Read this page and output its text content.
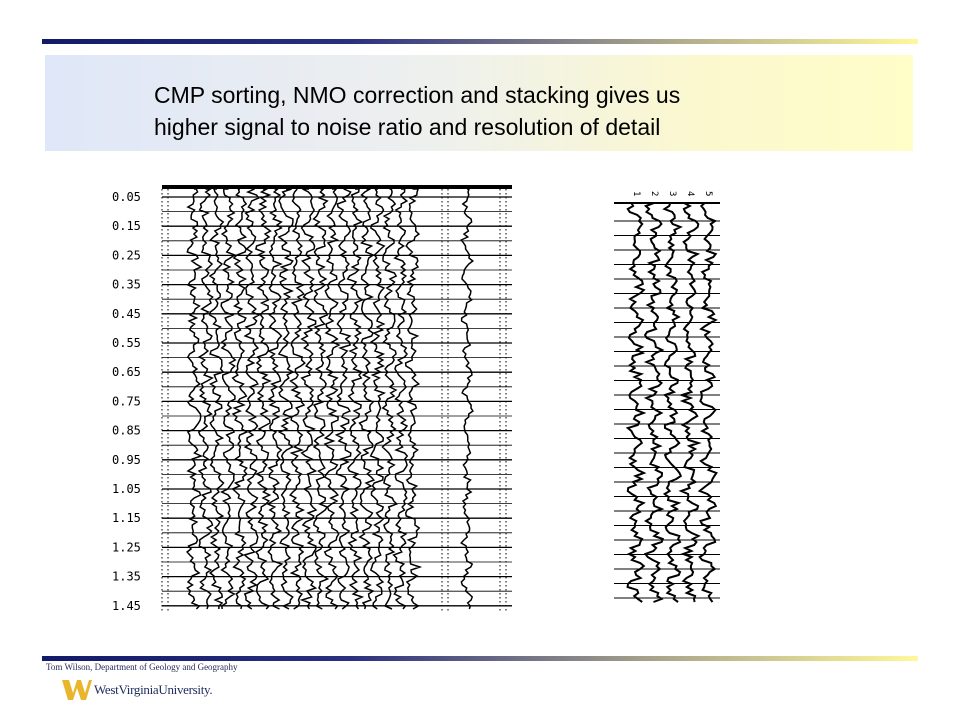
CMP sorting, NMO correction and stacking gives us
higher signal to noise ratio and resolution of detail
0.05
0.15
0.25
0.35
0.45
0.55
0.65
0.75
0.85
0.95
1.05
1.15
1.25
1.35
1.45
1 2 3 4 5
Tom Wilson, Department of Geology and Geography
WestVirginiaUniversity.
